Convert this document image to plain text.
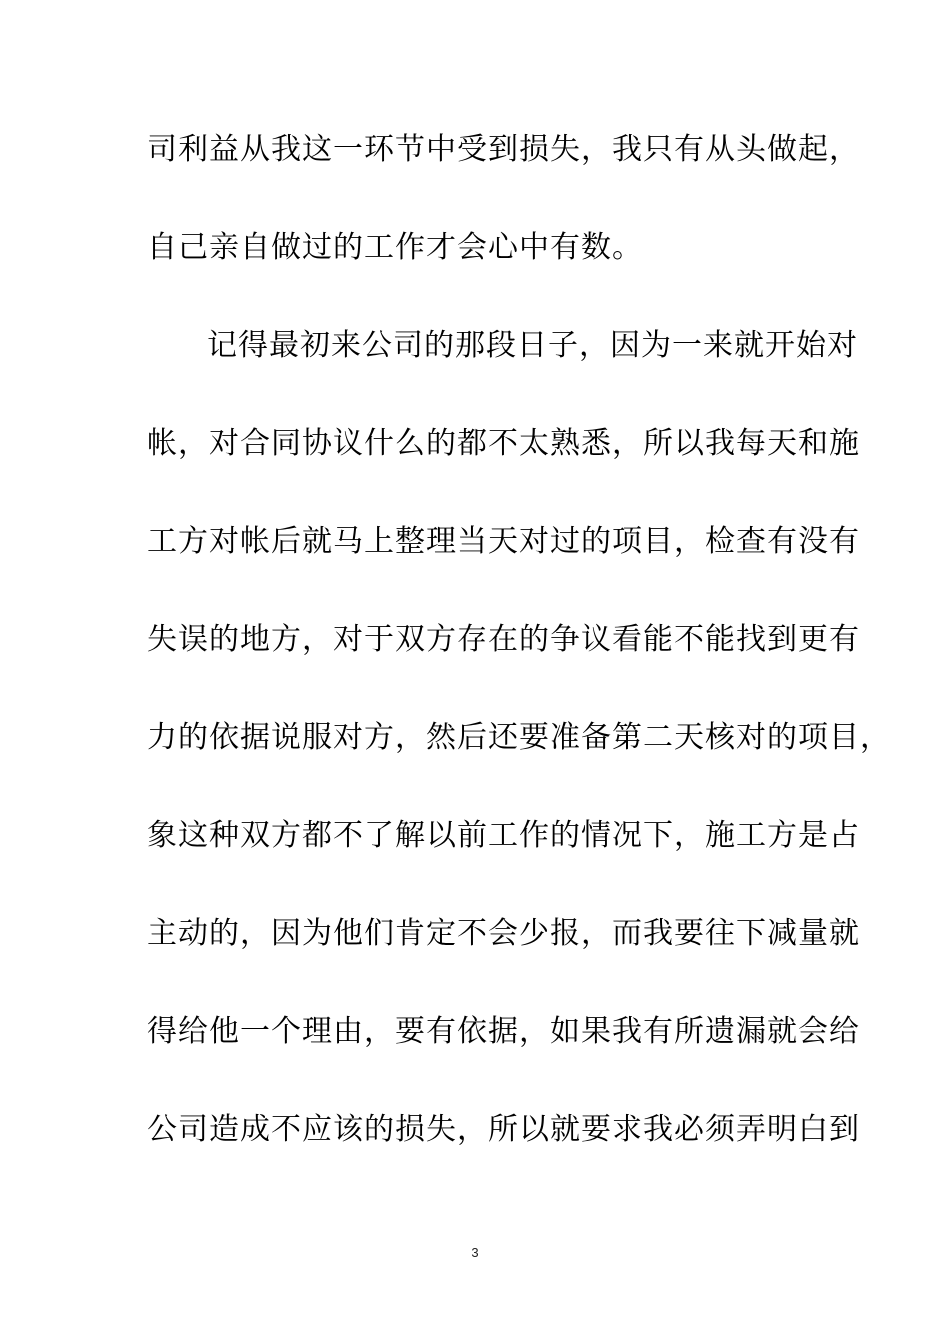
司利益从我这一环节中受到损失，我只有从头做起，
自己亲自做过的工作才会心中有数。
记得最初来公司的那段日子，因为一来就开始对
帐，对合同协议什么的都不太熟悉，所以我每天和施
工方对帐后就马上整理当天对过的项目，检查有没有
失误的地方，对于双方存在的争议看能不能找到更有
力的依据说服对方，然后还要准备第二天核对的项目，
象这种双方都不了解以前工作的情况下，施工方是占
主动的，因为他们肯定不会少报，而我要往下减量就
得给他一个理由，要有依据，如果我有所遗漏就会给
公司造成不应该的损失，所以就要求我必须弄明白到
3
